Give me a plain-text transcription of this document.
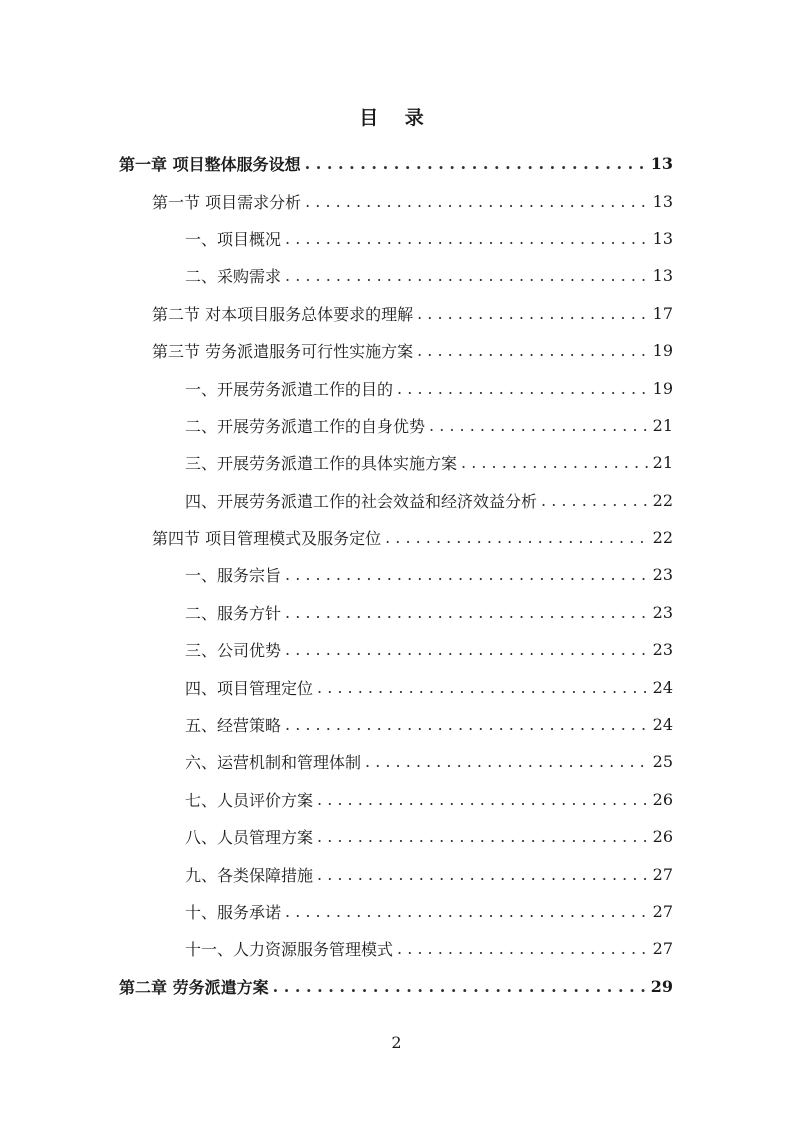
目 录
第一章 项目整体服务设想 . . .	13
第一节 项目需求分析 . . .	13
一、项目概况 . . .	13
二、采购需求 . . .	13
第二节 对本项目服务总体要求的理解 . . .	17
第三节 劳务派遣服务可行性实施方案 . . .	19
一、开展劳务派遣工作的目的 . . .	19
二、开展劳务派遣工作的自身优势 . . .	21
三、开展劳务派遣工作的具体实施方案 . . .	21
四、开展劳务派遣工作的社会效益和经济效益分析 . . .	22
第四节 项目管理模式及服务定位 . . .	22
一、服务宗旨 . . .	23
二、服务方针 . . .	23
三、公司优势 . . .	23
四、项目管理定位 . . .	24
五、经营策略 . . .	24
六、运营机制和管理体制 . . .	25
七、人员评价方案 . . .	26
八、人员管理方案 . . .	26
九、各类保障措施 . . .	27
十、服务承诺 . . .	27
十一、人力资源服务管理模式 . . .	27
第二章 劳务派遣方案 . . .	29
2
